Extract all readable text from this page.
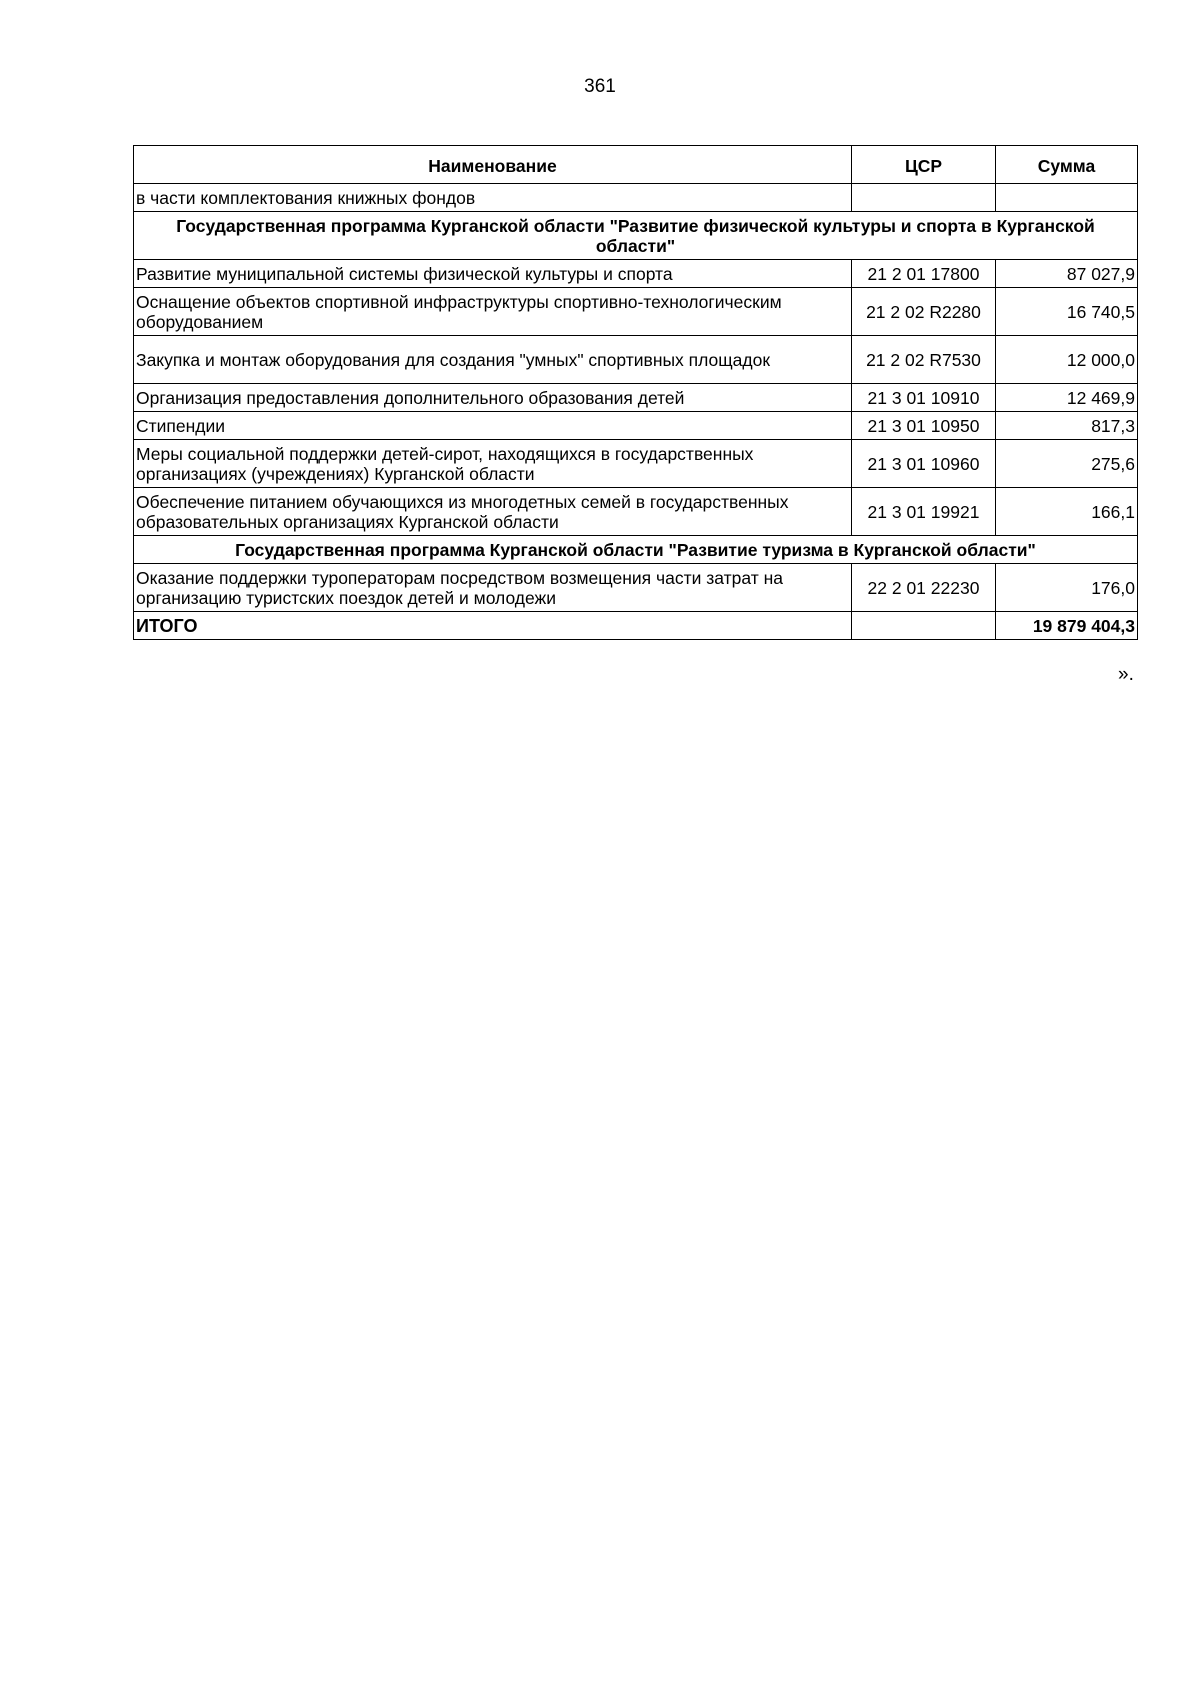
361
Наименование	ЦСР	Сумма
в части комплектования книжных фондов		
Государственная программа Курганской области "Развитие физической культуры и спорта в Курганской области"		
Развитие муниципальной системы физической культуры и спорта	21 2 01 17800	87 027,9
Оснащение объектов спортивной инфраструктуры спортивно-технологическим оборудованием	21 2 02 R2280	16 740,5
Закупка и монтаж оборудования для создания "умных" спортивных площадок	21 2 02 R7530	12 000,0
Организация предоставления дополнительного образования детей	21 3 01 10910	12 469,9
Стипендии	21 3 01 10950	817,3
Меры социальной поддержки детей-сирот, находящихся в государственных организациях (учреждениях) Курганской области	21 3 01 10960	275,6
Обеспечение питанием обучающихся из многодетных семей в государственных образовательных организациях Курганской области	21 3 01 19921	166,1
Государственная программа Курганской области "Развитие туризма в Курганской области"		
Оказание поддержки туроператорам посредством возмещения части затрат на организацию туристских поездок детей и молодежи	22 2 01 22230	176,0
ИТОГО		19 879 404,3
».
